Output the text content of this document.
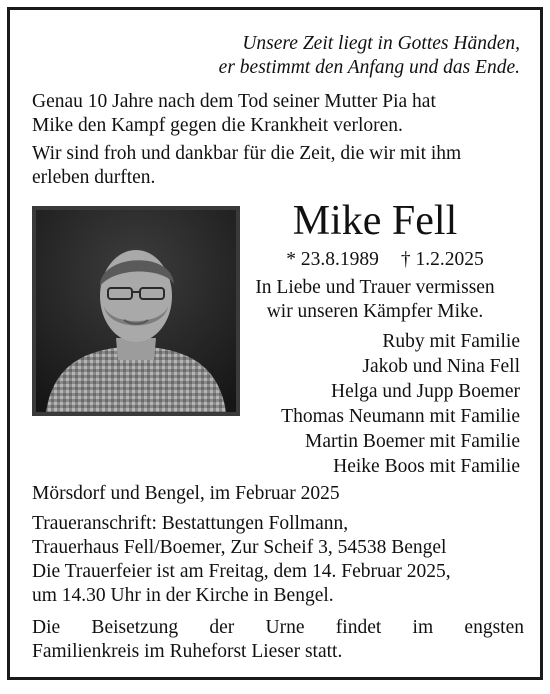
Unsere Zeit liegt in Gottes Händen,
er bestimmt den Anfang und das Ende.
Genau 10 Jahre nach dem Tod seiner Mutter Pia hat
Mike den Kampf gegen die Krankheit verloren.
Wir sind froh und dankbar für die Zeit, die wir mit ihm
erleben durften.
Mike Fell
* 23.8.1989 † 1.2.2025
In Liebe und Trauer vermissen
wir unseren Kämpfer Mike.
Ruby mit Familie
Jakob und Nina Fell
Helga und Jupp Boemer
Thomas Neumann mit Familie
Martin Boemer mit Familie
Heike Boos mit Familie
Mörsdorf und Bengel, im Februar 2025
Traueranschrift: Bestattungen Follmann,
Trauerhaus Fell/Boemer, Zur Scheif 3, 54538 Bengel
Die Trauerfeier ist am Freitag, dem 14. Februar 2025,
um 14.30 Uhr in der Kirche in Bengel.
Die Beisetzung der Urne findet im engsten
Familienkreis im Ruheforst Lieser statt.
